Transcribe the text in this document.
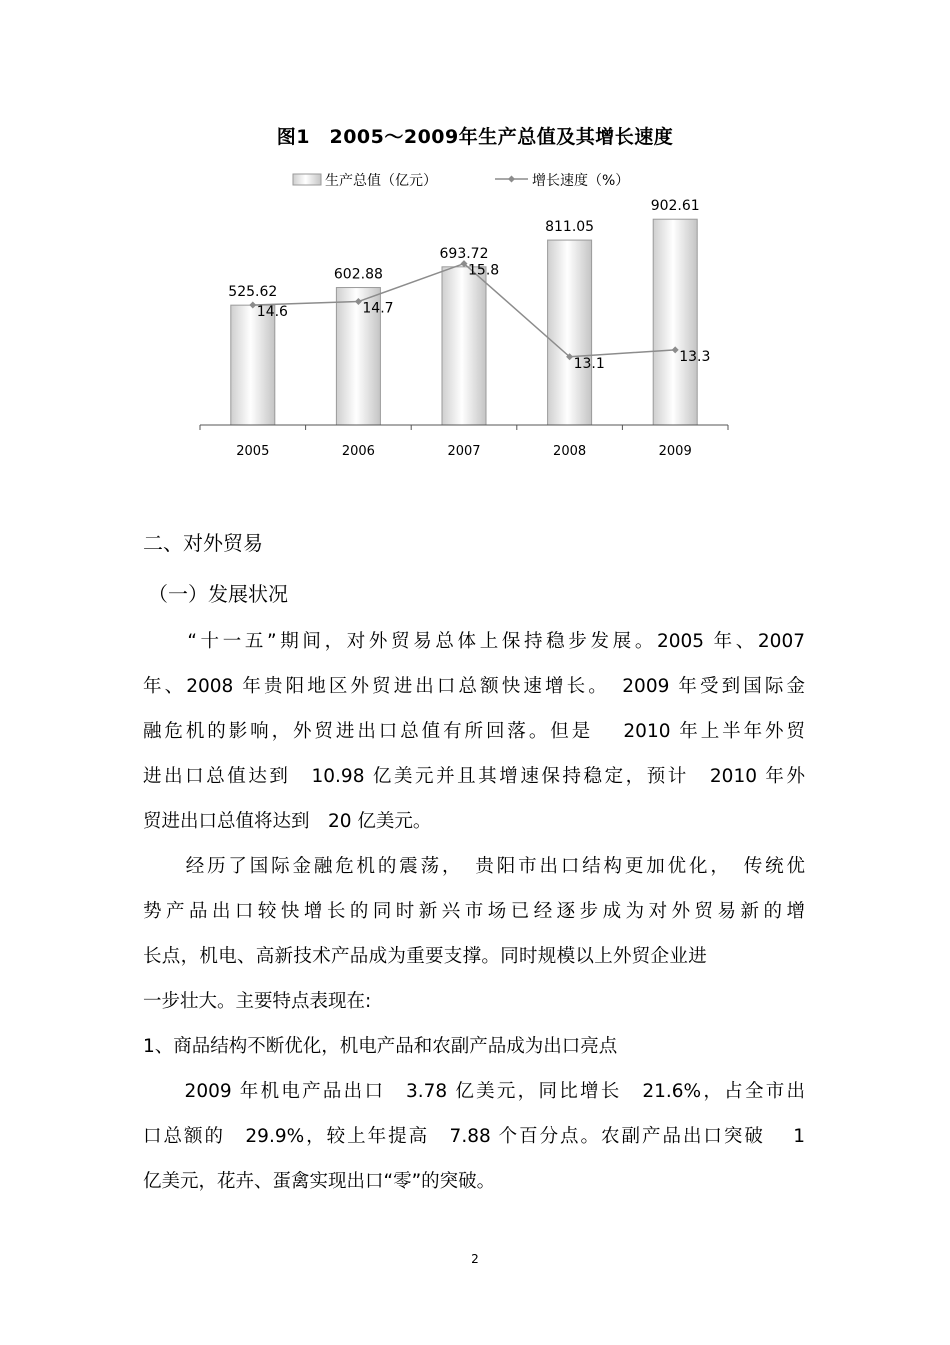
图1　2005～2009年生产总值及其增长速度
生产总值（亿元）	增长速度（%）
2005	2006	2007	2008	2009
525.62
602.88
693.72
811.05
902.61
14.6	14.7
15.8
13.1	13.3
二、对外贸易
（一）发展状况
　　“十一五”期间，对外贸易总体上保持稳步发展。2005 年、2007
年、2008 年贵阳地区外贸进出口总额快速增长。　2009 年受到国际金
融危机的影响，外贸进出口总值有所回落。但是　 2010 年上半年外贸
进出口总值达到　10.98 亿美元并且其增速保持稳定，预计　2010 年外
贸进出口总值将达到　20 亿美元。
　　经历了国际金融危机的震荡，　贵阳市出口结构更加优化，　传统优
势产品出口较快增长的同时新兴市场已经逐步成为对外贸易新的增
长点，机电、高新技术产品成为重要支撑。同时规模以上外贸企业进
一步壮大。主要特点表现在:
1、商品结构不断优化，机电产品和农副产品成为出口亮点
　　2009 年机电产品出口　3.78 亿美元，同比增长　21.6%，占全市出
口总额的　29.9%，较上年提高　7.88 个百分点。农副产品出口突破　 1
亿美元，花卉、蛋禽实现出口“零”的突破。
2
